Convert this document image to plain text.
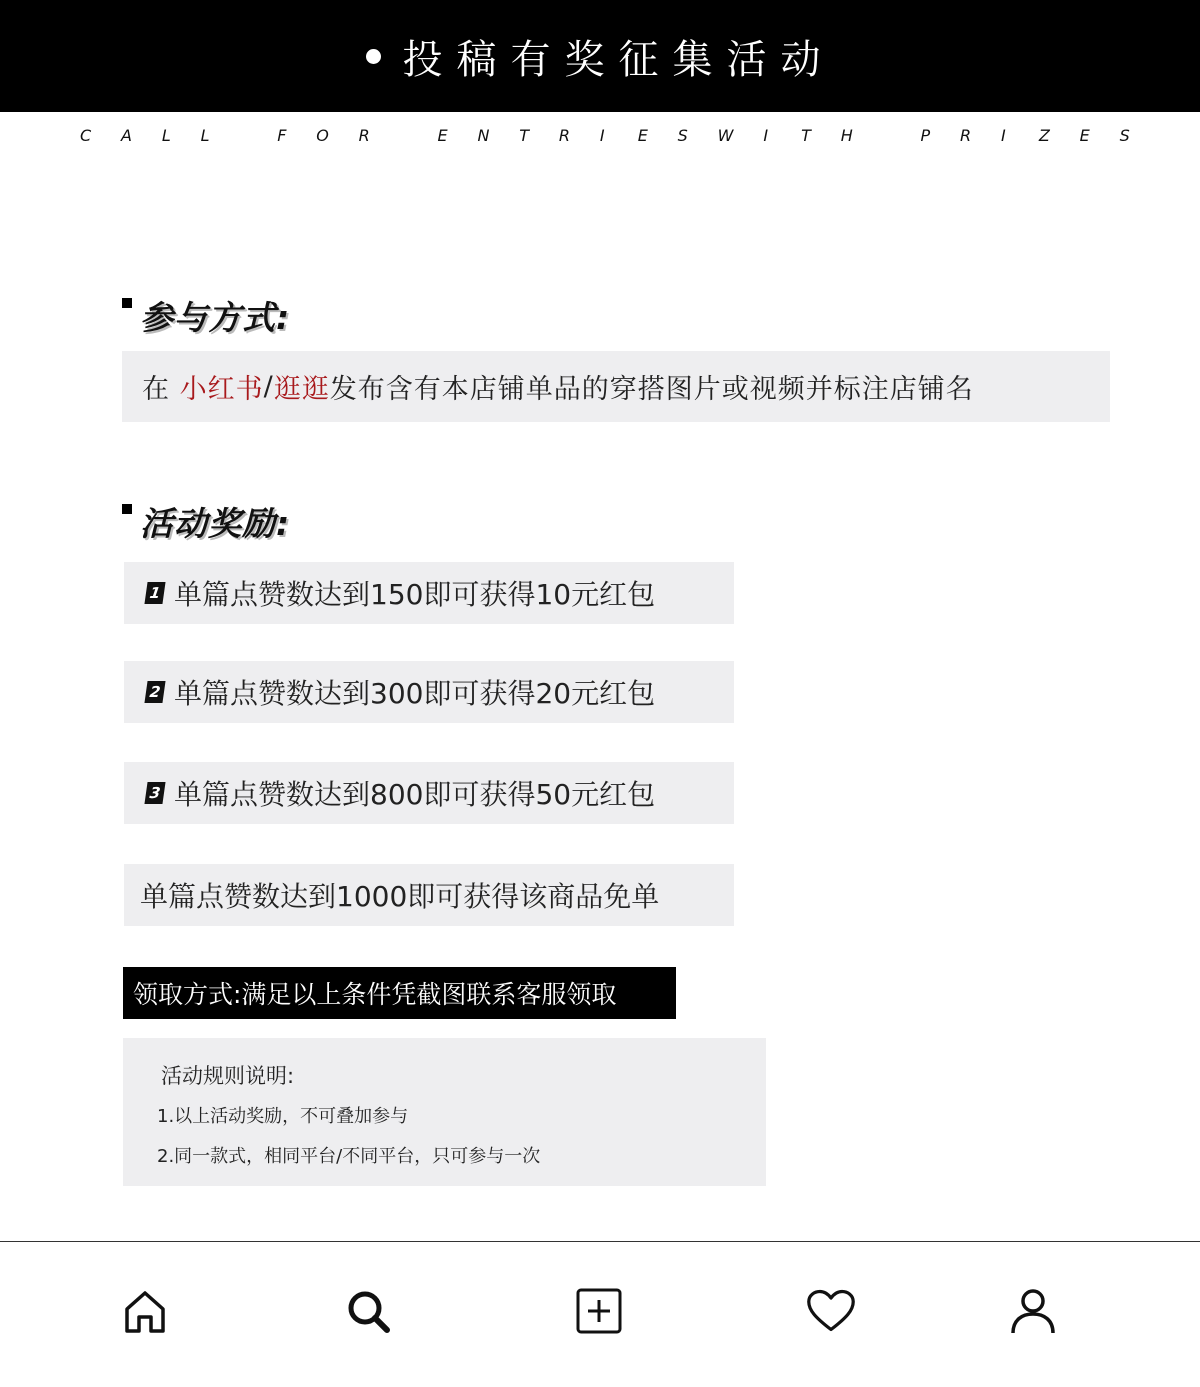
投稿有奖征集活动
C A L L	F O R	E N T R I E S W I T H	P R I Z E S
参与方式:
在 小红书 / 逛逛 发布含有本店铺单品的穿搭图片或视频并标注店铺名
活动奖励:
1 单篇点赞数达到150即可获得10元红包
2 单篇点赞数达到300即可获得20元红包
3 单篇点赞数达到800即可获得50元红包
单篇点赞数达到1000即可获得该商品免单
领取方式:满足以上条件凭截图联系客服领取
活动规则说明:
1.以上活动奖励，不可叠加参与
2.同一款式，相同平台/不同平台，只可参与一次
